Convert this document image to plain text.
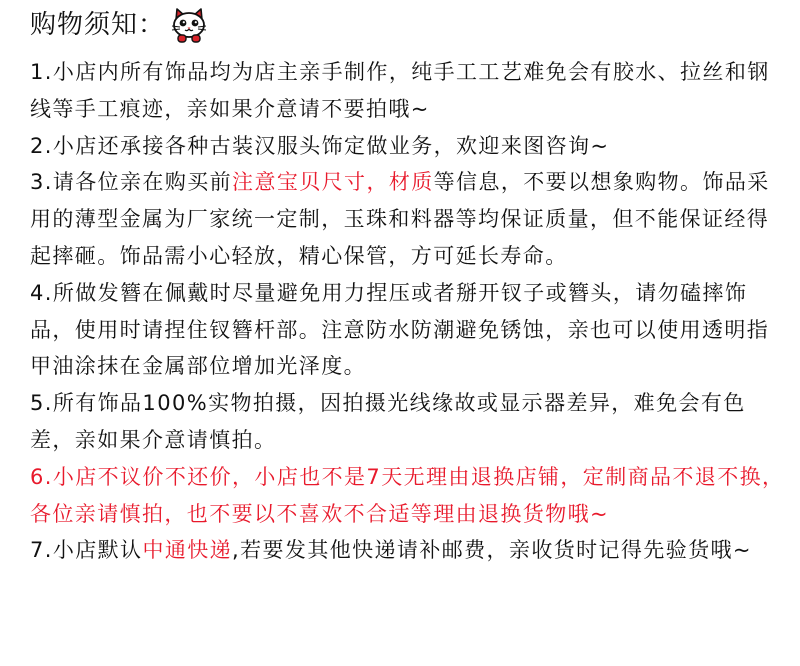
购物须知：
1.小店内所有饰品均为店主亲手制作，纯手工工艺难免会有胶水、拉丝和钢线等手工痕迹，亲如果介意请不要拍哦~
2.小店还承接各种古装汉服头饰定做业务，欢迎来图咨询~
3.请各位亲在购买前注意宝贝尺寸，材质等信息，不要以想象购物。饰品采用的薄型金属为厂家统一定制，玉珠和料器等均保证质量，但不能保证经得起摔砸。饰品需小心轻放，精心保管，方可延长寿命。
4.所做发簪在佩戴时尽量避免用力捏压或者掰开钗子或簪头，请勿磕摔饰品，使用时请捏住钗簪杆部。注意防水防潮避免锈蚀，亲也可以使用透明指甲油涂抹在金属部位增加光泽度。
5.所有饰品100%实物拍摄，因拍摄光线缘故或显示器差异，难免会有色差，亲如果介意请慎拍。
6.小店不议价不还价，小店也不是7天无理由退换店铺，定制商品不退不换，各位亲请慎拍，也不要以不喜欢不合适等理由退换货物哦~
7.小店默认中通快递,若要发其他快递请补邮费，亲收货时记得先验货哦~
